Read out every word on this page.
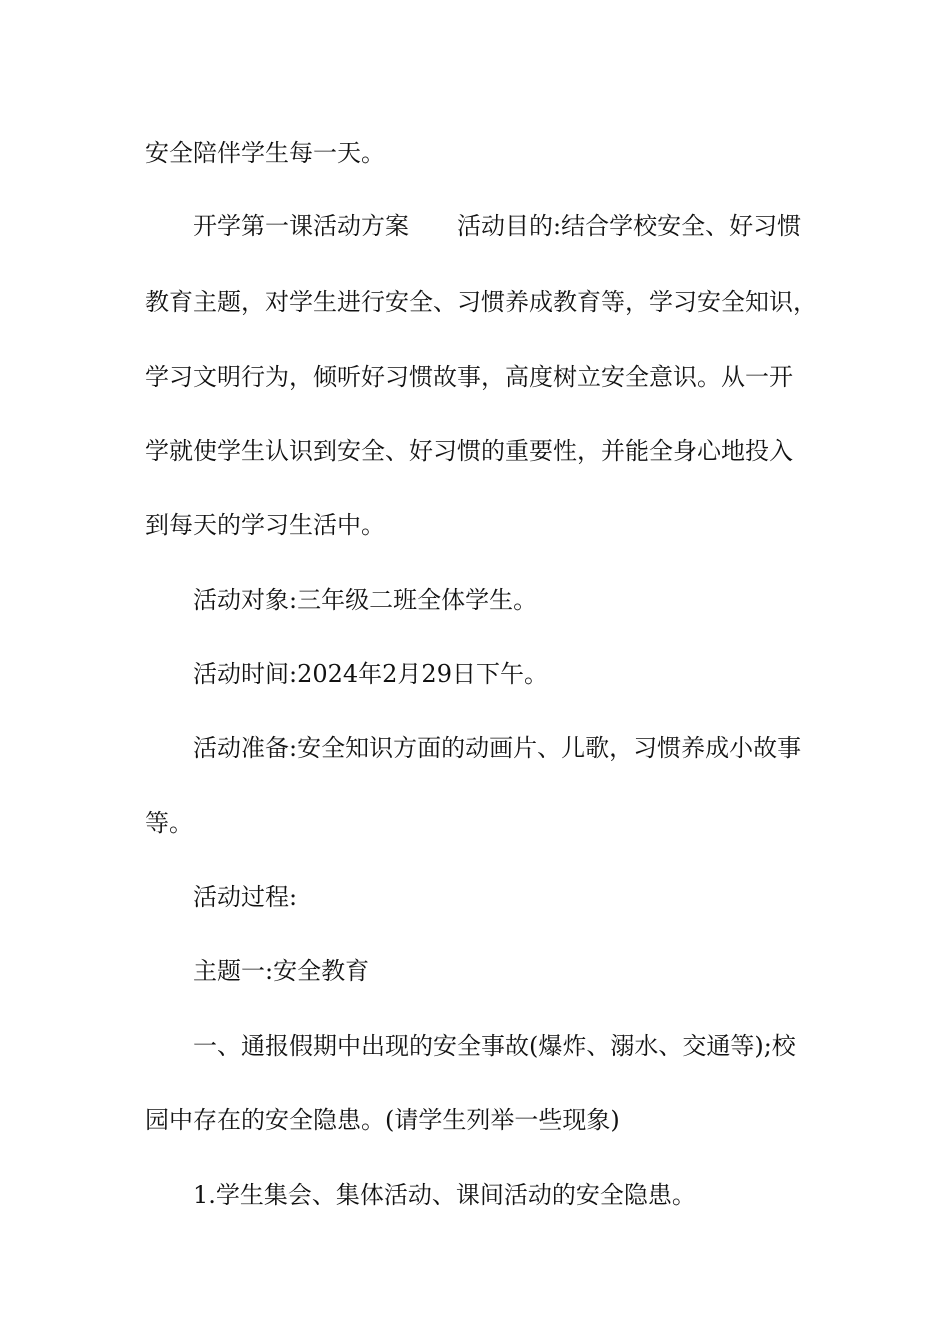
安全陪伴学生每一天。
开学第一课活动方案　　活动目的:结合学校安全、好习惯
教育主题，对学生进行安全、习惯养成教育等，学习安全知识，
学习文明行为，倾听好习惯故事，高度树立安全意识。从一开
学就使学生认识到安全、好习惯的重要性，并能全身心地投入
到每天的学习生活中。
活动对象:三年级二班全体学生。
活动时间:2024年2月29日下午。
活动准备:安全知识方面的动画片、儿歌，习惯养成小故事
等。
活动过程:
主题一:安全教育
一、通报假期中出现的安全事故(爆炸、溺水、交通等);校
园中存在的安全隐患。(请学生列举一些现象)
1.学生集会、集体活动、课间活动的安全隐患。
